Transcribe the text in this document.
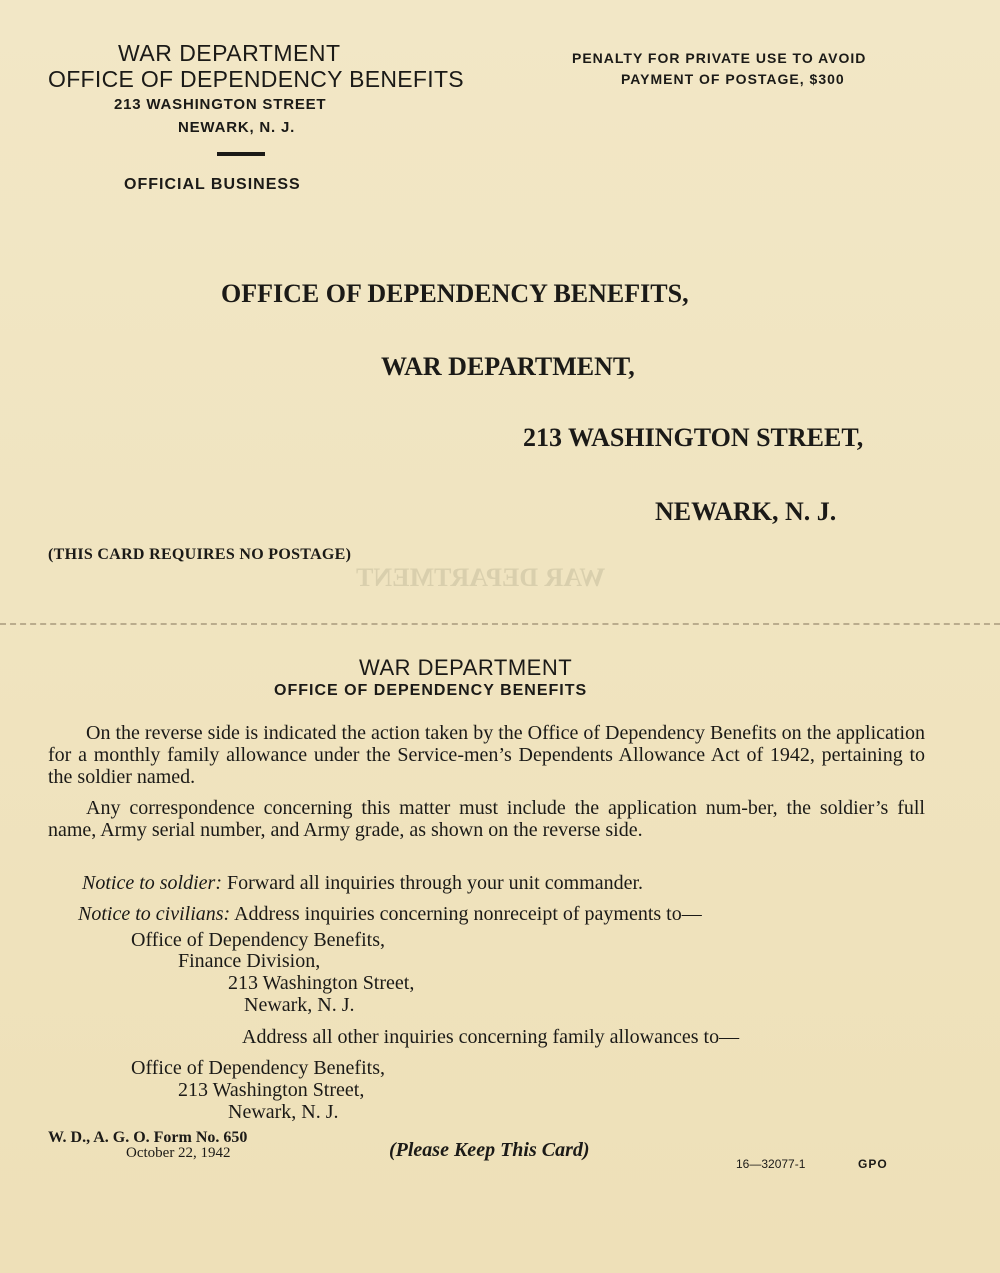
WAR DEPARTMENT

OFFICE OF DEPENDENCY BENEFITS

213 WASHINGTON STREET

NEWARK, N. J.

OFFICIAL BUSINESS

PENALTY FOR PRIVATE USE TO AVOID

PAYMENT OF POSTAGE, $300

OFFICE OF DEPENDENCY BENEFITS,

WAR DEPARTMENT,

213 WASHINGTON STREET,

NEWARK, N. J.

(THIS CARD REQUIRES NO POSTAGE)

WAR DEPARTMENT

WAR DEPARTMENT

OFFICE OF DEPENDENCY BENEFITS

On the reverse side is indicated the action taken by the Office of Dependency Benefits on the application for a monthly family allowance under the Service-men’s Dependents Allowance Act of 1942, pertaining to the soldier named.

Any correspondence concerning this matter must include the application num-ber, the soldier’s full name, Army serial number, and Army grade, as shown on the reverse side.

Notice to soldier: Forward all inquiries through your unit commander.

Notice to civilians: Address inquiries concerning nonreceipt of payments to—

Office of Dependency Benefits,

Finance Division,

213 Washington Street,

Newark, N. J.

Address all other inquiries concerning family allowances to—

Office of Dependency Benefits,

213 Washington Street,

Newark, N. J.

W. D., A. G. O. Form No. 650

October 22, 1942	(Please Keep This Card)

16—32077-1	GPO
